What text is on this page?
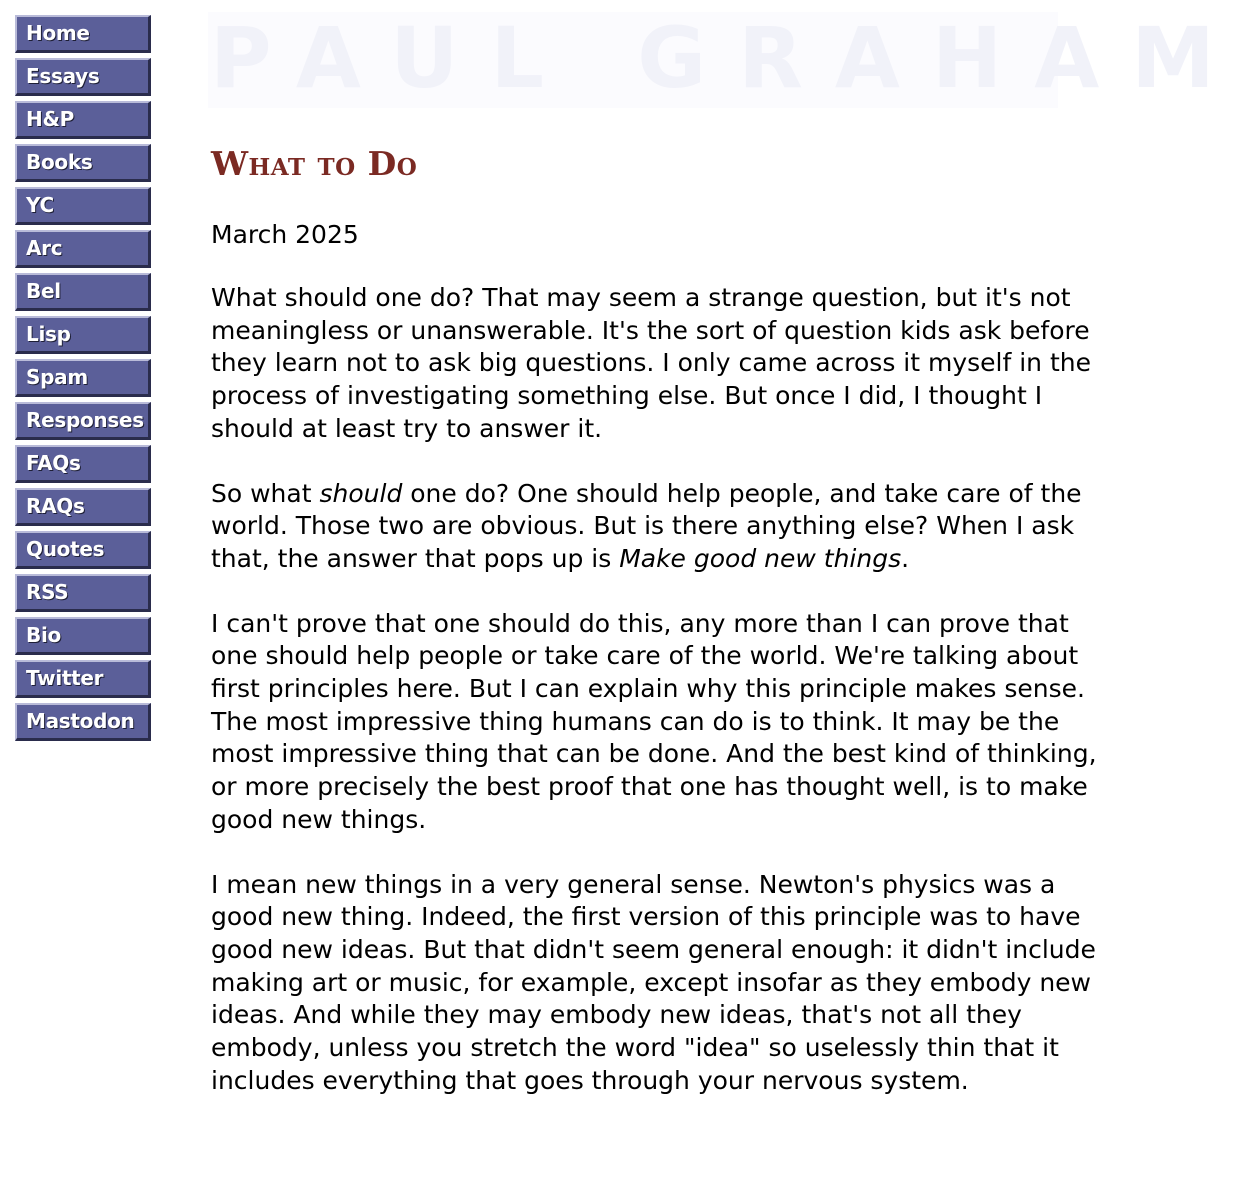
Home
Essays
H&P
Books
YC
Arc
Bel
Lisp
Spam
Responses
FAQs
RAQs
Quotes
RSS
Bio
Twitter
Mastodon
PAUL GRAHAM
What to Do
March 2025

What should one do? That may seem a strange question, but it's not meaningless or unanswerable. It's the sort of question kids ask before they learn not to ask big questions. I only came across it myself in the process of investigating something else. But once I did, I thought I should at least try to answer it.

So what should one do? One should help people, and take care of the world. Those two are obvious. But is there anything else? When I ask that, the answer that pops up is Make good new things.

I can't prove that one should do this, any more than I can prove that one should help people or take care of the world. We're talking about first principles here. But I can explain why this principle makes sense. The most impressive thing humans can do is to think. It may be the most impressive thing that can be done. And the best kind of thinking, or more precisely the best proof that one has thought well, is to make good new things.

I mean new things in a very general sense. Newton's physics was a good new thing. Indeed, the first version of this principle was to have good new ideas. But that didn't seem general enough: it didn't include making art or music, for example, except insofar as they embody new ideas. And while they may embody new ideas, that's not all they embody, unless you stretch the word "idea" so uselessly thin that it includes everything that goes through your nervous system.
